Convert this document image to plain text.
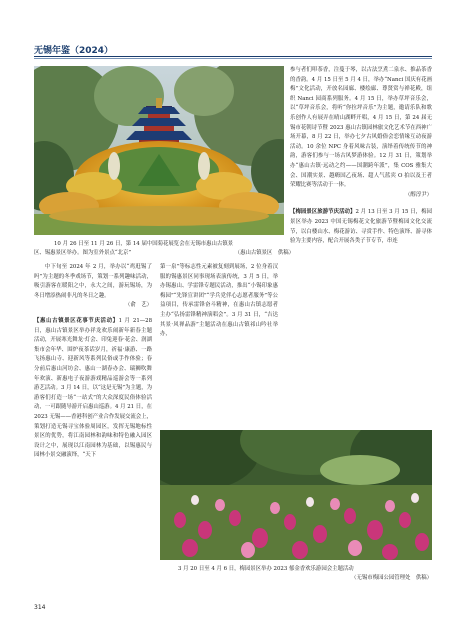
无锡年鉴（2024）
10 月 26 日至 11 月 26 日，第 14 届中国菊花展览会在无锡市惠山古镇景
区、锡惠景区举办。图为室外景点“北京”	（惠山古镇景区　供稿）

中下旬至 2024 年 2 月，举办以“鸡逛锡了吗”为主题的冬季戏场节，策划一系列趣味活动，吸引游客在暖阳之中，永大之间，游玩锡场，为冬日增添热闹非凡的冬日之趣。

（俞　艺）

【惠山古镇景区花事节庆活动】1 月 21—28 日，惠山古镇景区举办祥龙欢乐闹新年新春主题活动，开展寒光舞龙·灯会、印兔迎春·花会、润湖集市会年华、围炉夜茶话岁月，祈福·康游、一路飞扬惠山寺、迎新风等系列民俗或手作体验；春分前后惠山河坊会、惠山一湖春办会、瑞狮吹舞年欢演、新惠电子夜游游戏精品巡游会等一系列游艺活动。3 月 14 日，以“这是无锡”为主题，为游客们打造一场“一站式”的大众深度民俗体验活动，一可跟随导游开启惠山巡游。4 月 21 日，在 2023 无锡——香港科创产业合作发展交流会上，策划打造无锡寻宝体验周园区，发挥无锡地标性景区的优势，将江南园林和韵味和特色融入园区设计之中，展现以江南园林为基础，以锡惠民与园林小景交融演绎，“天下

第一泉”等标志性元素被复刻到展场，2 位身着汉服的锡惠景区同事现场表演传统，3 月 5 日，举办锡惠山、学雷锋专题民活动，推出“小锡印象惠梅园”“先锋宣讲团”“学兵党伴心志愿者服务”等公益项目，传承雷锋奋斗精神，在惠山古镇志愿者主办“弘扬雷锋精神演唱会”。3 月 31 日，“吉达其景·风禅品游”主题活动在惠山古镇祁山吟社举办，

3 月 20 日至 4 月 6 日，梅园景区举办 2023 郁金香欢乐游园会主题活动
（无锡市梅园公园管理处　供稿）

参与者们叩茶香，注蔓于琴，以古法烹煮二泉水、推品茶香的香韵。4 月 15 日至 5 月 4 日，举办“Nanci 国庆有花画梅”文化活动，开放名园廊、楼绘廊、尊贤赏与禅花殿，组织 Nanci 园商系列服务。4 月 15 日，举办草坪音乐会，以“草坪音乐会，将听“你拉坪音乐”为主题，邀请乐队和歌乐创作人有展弄在晴山湖畔开唱，4 月 15 日，第 24 届无锡市花朝诗节暨 2023 惠山古镇园林旅文化艺术节在西神广场开幕，8 月 22 日，举办七夕古风婚俗会恋情缘互动夜游活动。10 余位 NPC 身着风味古装，演绎着传统传节的神韵，游客们参与一场古风梦游体验。12 月 31 日，策划举办“惠山古镇·远动之约——国潮跨年派”，集 COS 雅集大会、国潮实景、越嗨国乙夜场、超人气蓝宾 O 拍以及王者荣耀比赛等活动于一体。

（醇淳尹）

【梅园景区旅游节庆活动】2 月 13 日至 3 月 15 日，梅园景区举办 2023 中国无锡梅花文化旅游节暨梅园文化交流节，以白楼山水、梅花游访、寻赏手作、特色演绎、游寻体验为主要内容，配合开展各类子节专节，串连

314
